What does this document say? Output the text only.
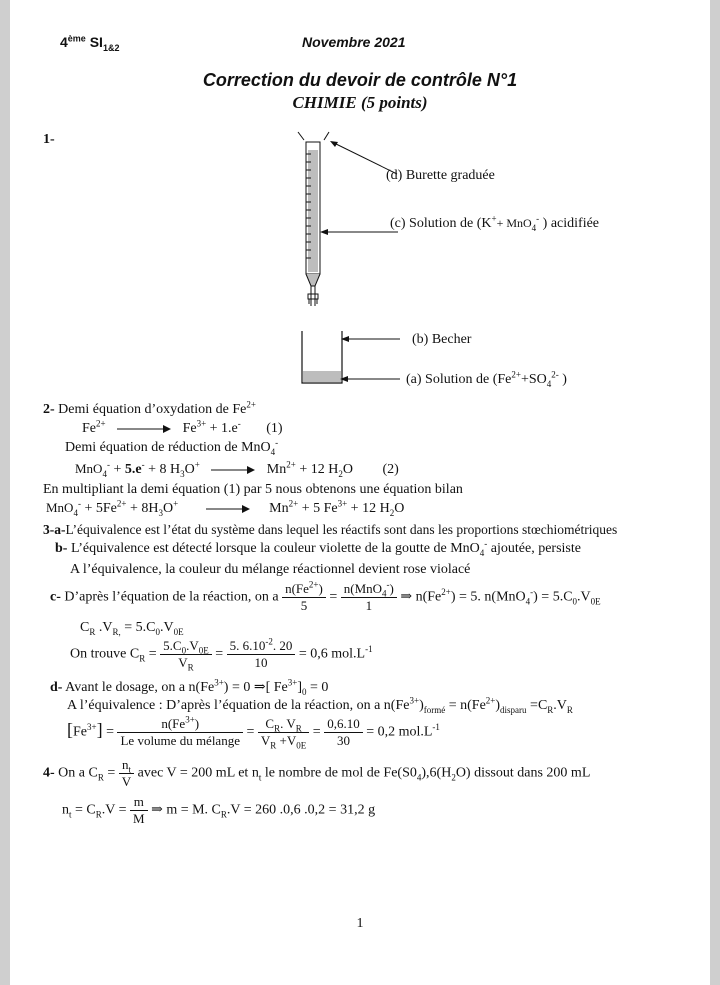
4ème $SI_{1\&2}$	Novembre 2021
Correction du devoir de contrôle N°1
CHIMIE (5 points)
1-
(d) Burette graduée
(c) Solution de (K++ MnO$_4$- ) acidifiée
(b) Becher
(a) Solution de ($Fe^{2+}+SO_4^{2-}$ )
2- Demi équation d’oxydation de $Fe^{2+}$
$Fe^{2+} \to Fe^{3+} + 1.e^-$ (1)
Demi équation de réduction de MnO$_4$-
MnO$_4$- + 5.e- + 8 $H_3O^+ \to Mn^{2+} + 12$ $H_2O$ (2)
En multipliant la demi équation (1) par 5 nous obtenons une équation bilan
$MnO_4^- + 5Fe^{2+} + 8H_3O^+ \to Mn^{2+} + 5$ $Fe^{3+} + 12$ $H_2O$
3-a-L’équivalence est l’état du système dans lequel les réactifs sont dans les proportions stœchiométriques
b- L’équivalence est détecté lorsque la couleur violette de la goutte de MnO$_4$- ajoutée, persiste
A l’équivalence, la couleur du mélange réactionnel devient rose violacé
c- D’après l’équation de la réaction, on a $\frac{n(Fe^{2+})}{5} = \frac{n(MnO_4^-)}{1}$ ⇒ $n(Fe^{2+}) = 5$. $n(MnO_4^-) = 5.C_0.V_{0E}$
$C_R$ $.V_{R,} = 5.C_0.V_{0E}$
On trouve $C_R = \frac{5.C_0.V_{0E}}{V_R} = \frac{5. 6.10^{-2}. 20}{10} = 0,6$ $mol.L^{-1}$
d- Avant le dosage, on a $n(Fe^{3+}) = 0$ ⇒[ $Fe^{3+}]_0 = 0$
A l’équivalence : D’après l’équation de la réaction, on a $n(Fe^{3+})_{formé} = n(Fe^{2+})_{disparu} =C_R.V_R$
$[Fe^{3+}] = \frac{n(Fe^{3+})}{\text{Le volume du mélange}} = \frac{C_R. V_R}{V_R +V_{0E}} = \frac{0,6.10}{30} = 0,2$ $mol.L^{-1}$
4- On a $C_R = \frac{n_t}{V}$ avec V = 200 mL et $n_t$ le nombre de mol de $Fe(S0_4),6(H_2O)$ dissout dans 200 mL
$n_t = C_R.V = \frac{m}{M}$ ⇒ m = M. $C_R.V = 260$ .0,6 .0,2 = 31,2 g
1
